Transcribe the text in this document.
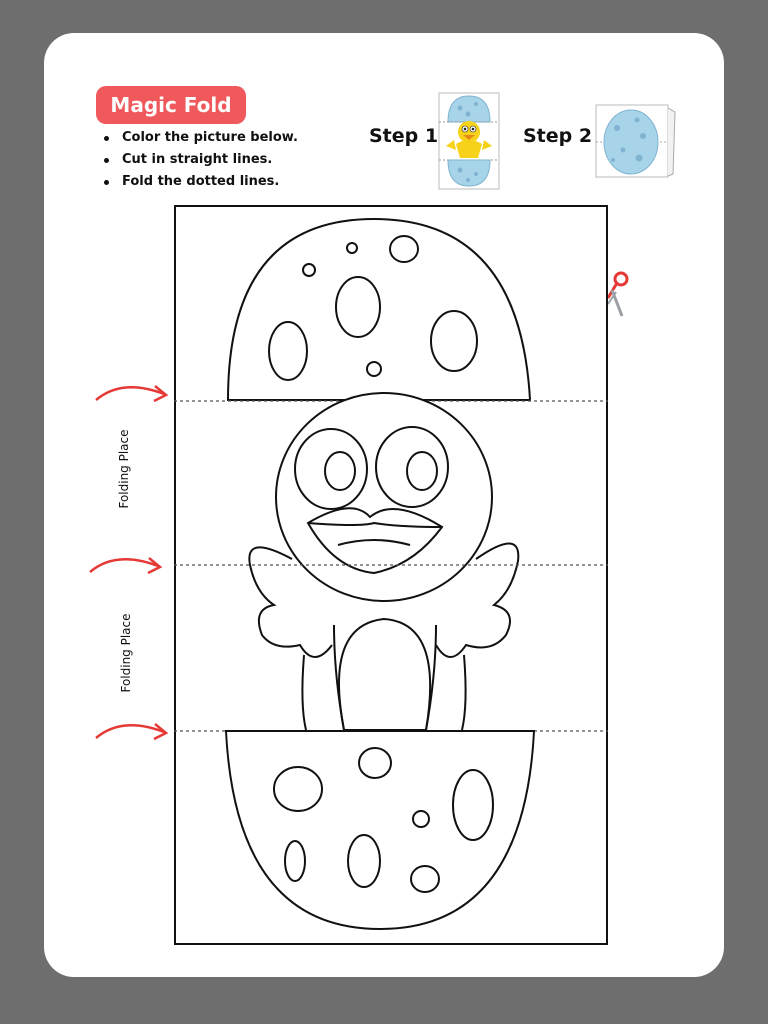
Magic Fold
Color the picture below.
Cut in straight lines.
Fold the dotted lines.
Step 1	Step 2
Folding Place
Folding Place
